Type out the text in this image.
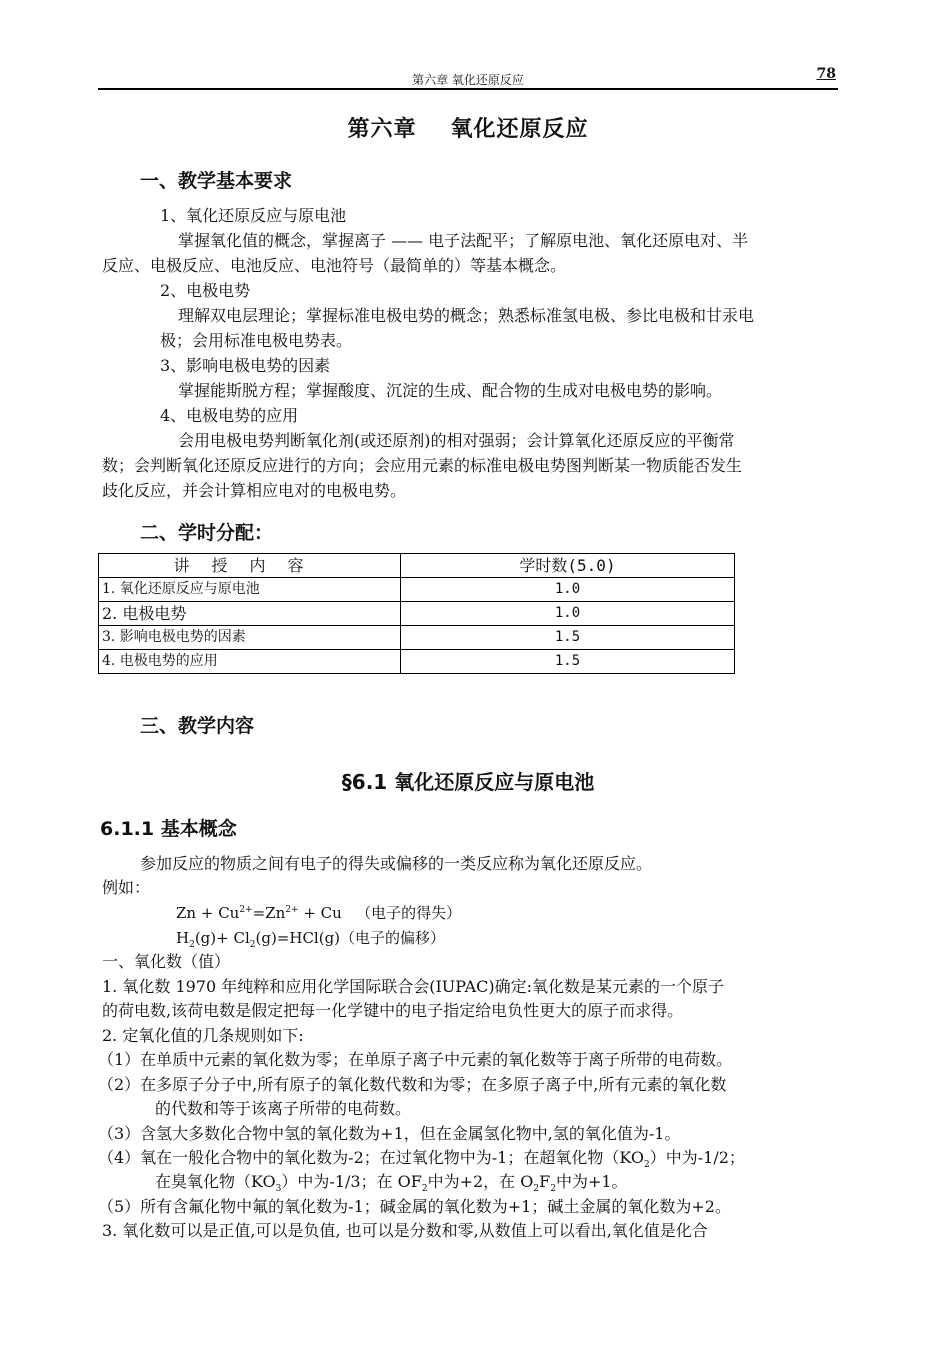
第六章 氧化还原反应	78
第六章 氧化还原反应
一、教学基本要求
1、氧化还原反应与原电池
掌握氧化值的概念，掌握离子 —— 电子法配平；了解原电池、氧化还原电对、半
反应、电极反应、电池反应、电池符号（最简单的）等基本概念。
2、电极电势
理解双电层理论；掌握标准电极电势的概念；熟悉标准氢电极、参比电极和甘汞电
极；会用标准电极电势表。
3、影响电极电势的因素
掌握能斯脱方程；掌握酸度、沉淀的生成、配合物的生成对电极电势的影响。
4、电极电势的应用
会用电极电势判断氧化剂(或还原剂)的相对强弱；会计算氧化还原反应的平衡常
数；会判断氧化还原反应进行的方向；会应用元素的标准电极电势图判断某一物质能否发生
歧化反应，并会计算相应电对的电极电势。
二、学时分配：
讲授内容	学时数(5.0)
1. 氧化还原反应与原电池	1.0
2. 电极电势	1.0
3. 影响电极电势的因素	1.5
4. 电极电势的应用	1.5
三、教学内容
§6.1 氧化还原反应与原电池
6.1.1 基本概念
参加反应的物质之间有电子的得失或偏移的一类反应称为氧化还原反应。
例如：
$Zn + Cu^{2+}=Zn^{2+} + Cu$ （电子的得失）
$H_2(g)+ Cl_2(g)=HCl(g)$（电子的偏移）
一、氧化数（值）
1. 氧化数 1970 年纯粹和应用化学国际联合会(IUPAC)确定:氧化数是某元素的一个原子
的荷电数,该荷电数是假定把每一化学键中的电子指定给电负性更大的原子而求得。
2. 定氧化值的几条规则如下:
（1）在单质中元素的氧化数为零；在单原子离子中元素的氧化数等于离子所带的电荷数。
（2）在多原子分子中,所有原子的氧化数代数和为零；在多原子离子中,所有元素的氧化数
的代数和等于该离子所带的电荷数。
（3）含氢大多数化合物中氢的氧化数为+1，但在金属氢化物中,氢的氧化值为-1。
（4）氧在一般化合物中的氧化数为-2；在过氧化物中为-1；在超氧化物$(KO_2)$中为-1/2；
在臭氧化物$(KO_3)$中为-1/3；在 $OF_2$中为+2，在 $O_2F_2$中为+1。
（5）所有含氟化物中氟的氧化数为-1；碱金属的氧化数为+1；碱土金属的氧化数为+2。
3. 氧化数可以是正值,可以是负值, 也可以是分数和零,从数值上可以看出,氧化值是化合
